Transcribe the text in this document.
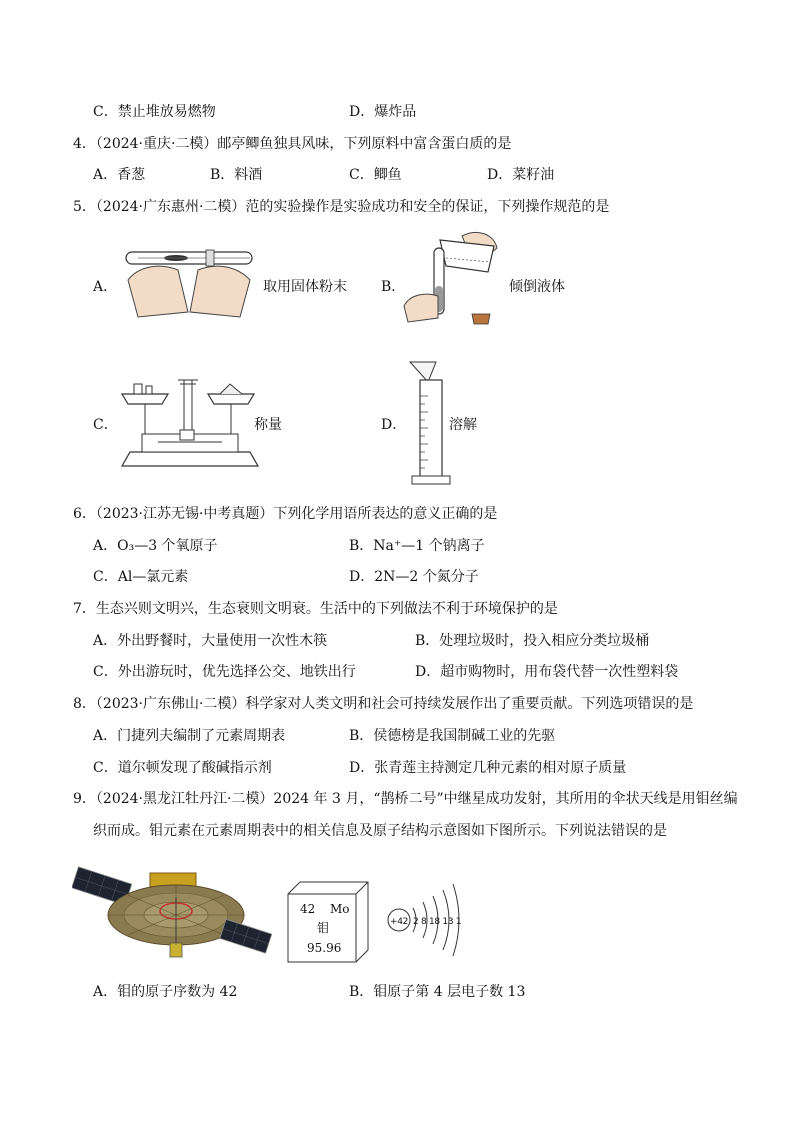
C．禁止堆放易燃物	D．爆炸品
4．（2024·重庆·二模）邮亭鲫鱼独具风味，下列原料中富含蛋白质的是
A．香葱	B．料酒	C．鲫鱼	D．菜籽油
5．（2024·广东惠州·二模）范的实验操作是实验成功和安全的保证，下列操作规范的是
A．	取用固体粉末 B．	倾倒液体
C．	称量	D．	溶解
6．（2023·江苏无锡·中考真题）下列化学用语所表达的意义正确的是
A．O₃—3 个氧原子	B．Na⁺—1 个钠离子
C．Al—氯元素	D．2N—2 个氮分子
7．生态兴则文明兴，生态衰则文明衰。生活中的下列做法不利于环境保护的是
A．外出野餐时，大量使用一次性木筷	B．处理垃圾时，投入相应分类垃圾桶
C．外出游玩时，优先选择公交、地铁出行	D．超市购物时，用布袋代替一次性塑料袋
8．（2023·广东佛山·二模）科学家对人类文明和社会可持续发展作出了重要贡献。下列选项错误的是
A．门捷列夫编制了元素周期表	B．侯德榜是我国制碱工业的先驱
C．道尔顿发现了酸碱指示剂	D．张青莲主持测定几种元素的相对原子质量
9．（2024·黑龙江牡丹江·二模）2024 年 3 月，“鹊桥二号”中继星成功发射，其所用的伞状天线是用钼丝编
织而成。钼元素在元素周期表中的相关信息及原子结构示意图如下图所示。下列说法错误的是
42 Mo
钼
95.96
+42 2 8 18 13 1
A．钼的原子序数为 42	B．钼原子第 4 层电子数 13
